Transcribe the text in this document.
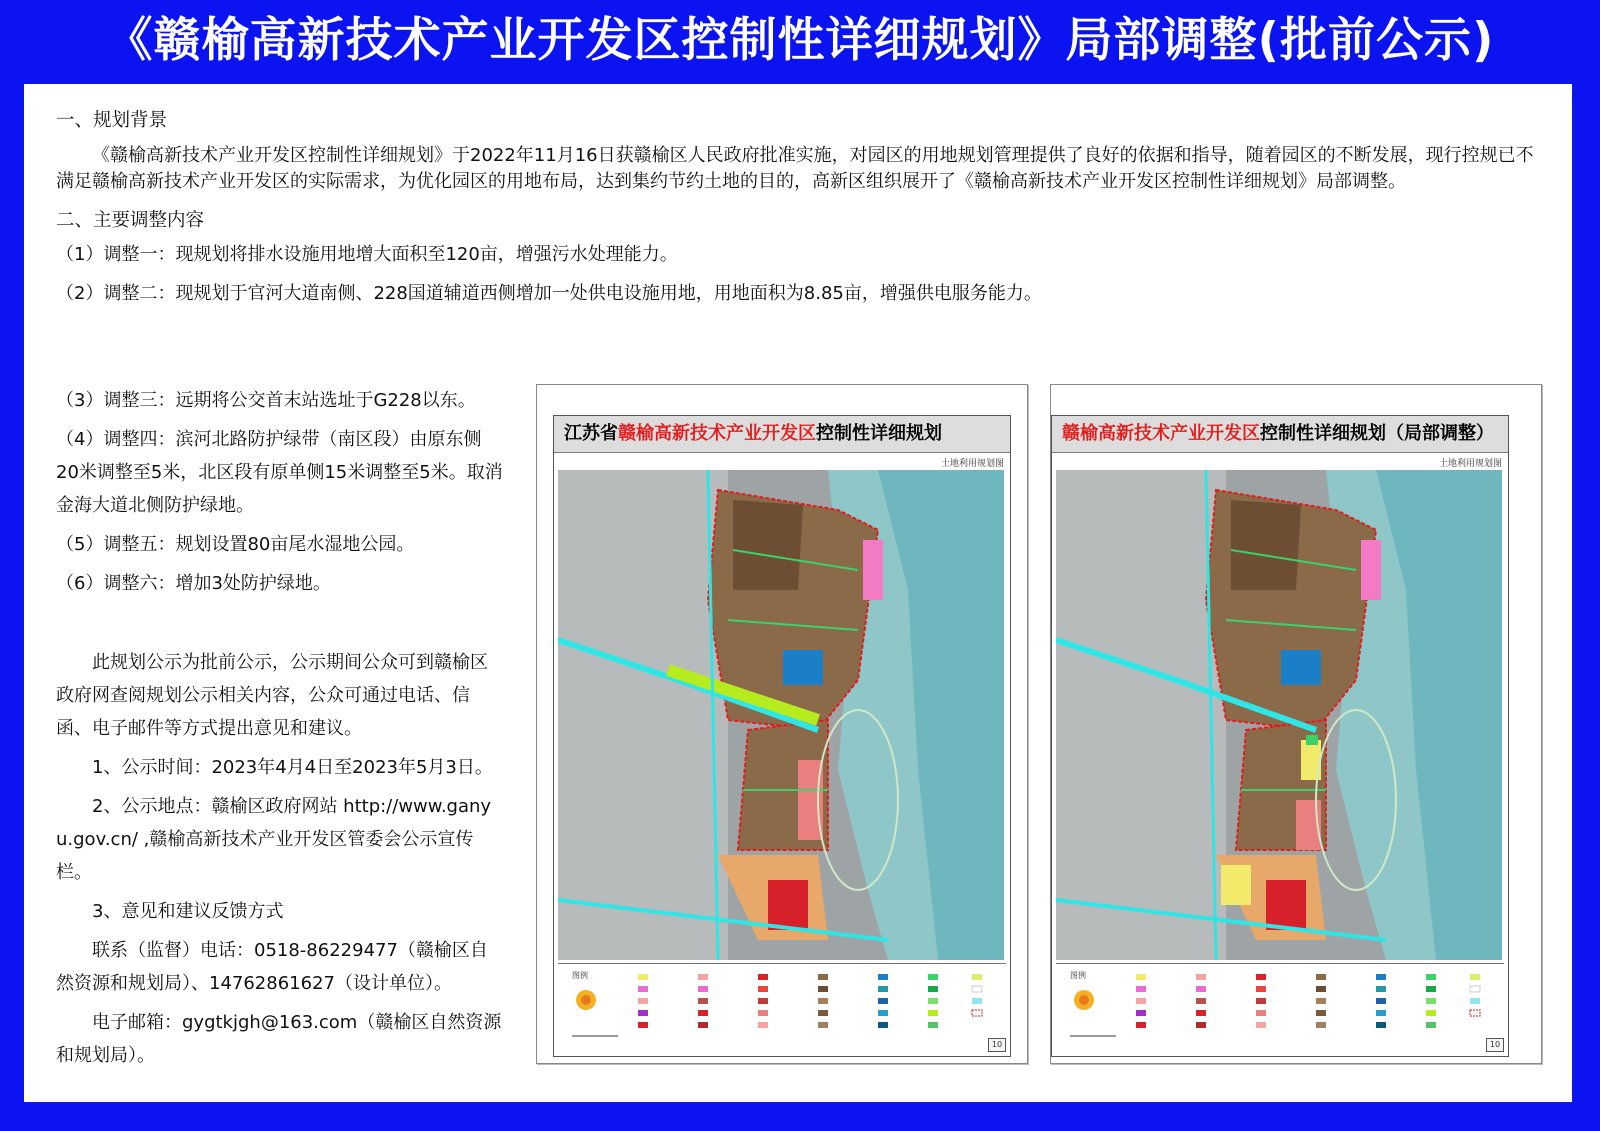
《赣榆高新技术产业开发区控制性详细规划》局部调整(批前公示)

一、规划背景

《赣榆高新技术产业开发区控制性详细规划》于2022年11月16日获赣榆区人民政府批准实施，对园区的用地规划管理提供了良好的依据和指导，随着园区的不断发展，现行控规已不满足赣榆高新技术产业开发区的实际需求，为优化园区的用地布局，达到集约节约土地的目的，高新区组织展开了《赣榆高新技术产业开发区控制性详细规划》局部调整。

二、主要调整内容

（1）调整一：现规划将排水设施用地增大面积至120亩，增强污水处理能力。

（2）调整二：现规划于官河大道南侧、228国道辅道西侧增加一处供电设施用地，用地面积为8.85亩，增强供电服务能力。

（3）调整三：远期将公交首末站选址于G228以东。

（4）调整四：滨河北路防护绿带（南区段）由原东侧20米调整至5米，北区段有原单侧15米调整至5米。取消金海大道北侧防护绿地。

（5）调整五：规划设置80亩尾水湿地公园。

（6）调整六：增加3处防护绿地。

此规划公示为批前公示，公示期间公众可到赣榆区政府网查阅规划公示相关内容，公众可通过电话、信函、电子邮件等方式提出意见和建议。

1、公示时间：2023年4月4日至2023年5月3日。

2、公示地点：赣榆区政府网站 http://www.ganyu.gov.cn/ ,赣榆高新技术产业开发区管委会公示宣传栏。

3、意见和建议反馈方式

联系（监督）电话：0518-86229477（赣榆区自然资源和规划局）、14762861627（设计单位）。

电子邮箱：gygtkjgh@163.com（赣榆区自然资源和规划局）。

江苏省赣榆高新技术产业开发区控制性详细规划
土地利用规划图
图例
10
赣榆高新技术产业开发区控制性详细规划（局部调整）
土地利用规划图
图例
10
